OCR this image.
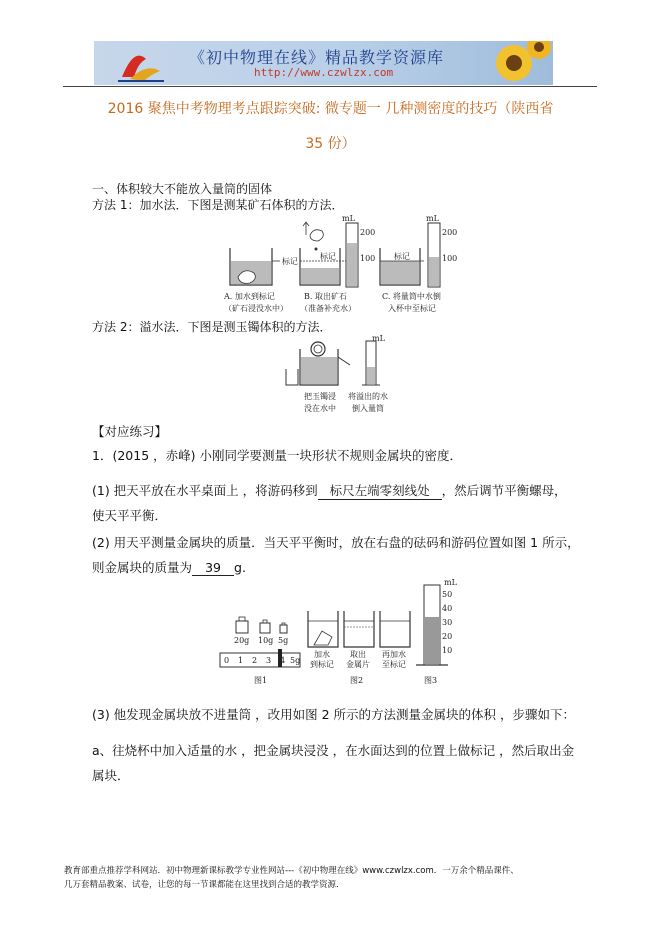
《初中物理在线》精品教学资源库
http://www.czwlzx.com
2016 聚焦中考物理考点跟踪突破: 微专题一 几种测密度的技巧（陕西省
35 份）
一、体积较大不能放入量筒的固体
方法 1：加水法．下图是测某矿石体积的方法．
标记
标记
mL
200
100 标记
mL
200
100
A. 加水到标记
（矿石浸没水中）
B. 取出矿石
（准备补充水）
C. 将量筒中水倒
入杯中至标记
方法 2：溢水法．下图是测玉镯体积的方法．
mL
把玉镯浸
没在水中
将溢出的水
倒入量筒
【对应练习】
1．(2015 ，赤峰) 小刚同学要测量一块形状不规则金属块的密度．
(1) 把天平放在水平桌面上 ，将游码移到 标尺左端零刻线处 ，然后调节平衡螺母，
使天平平衡．
(2) 用天平测量金属块的质量．当天平平衡时，放在右盘的砝码和游码位置如图 1 所示，
则金属块的质量为 39 g.
20g 10g 5g
0 1 2 3 4 5g
加水
到标记
取出
金属片
再加水
至标记
mL
50
40
30
20
10
图1	图2	图3
(3) 他发现金属块放不进量筒 ，改用如图 2 所示的方法测量金属块的体积 ，步骤如下：
a、往烧杯中加入适量的水 ，把金属块浸没 ，在水面达到的位置上做标记 ，然后取出金
属块．
教育部重点推荐学科网站．初中物理新课标教学专业性网站---《初中物理在线》www.czwlzx.com．一万余个精品课件、
几万套精品教案、试卷，让您的每一节课都能在这里找到合适的教学资源．
